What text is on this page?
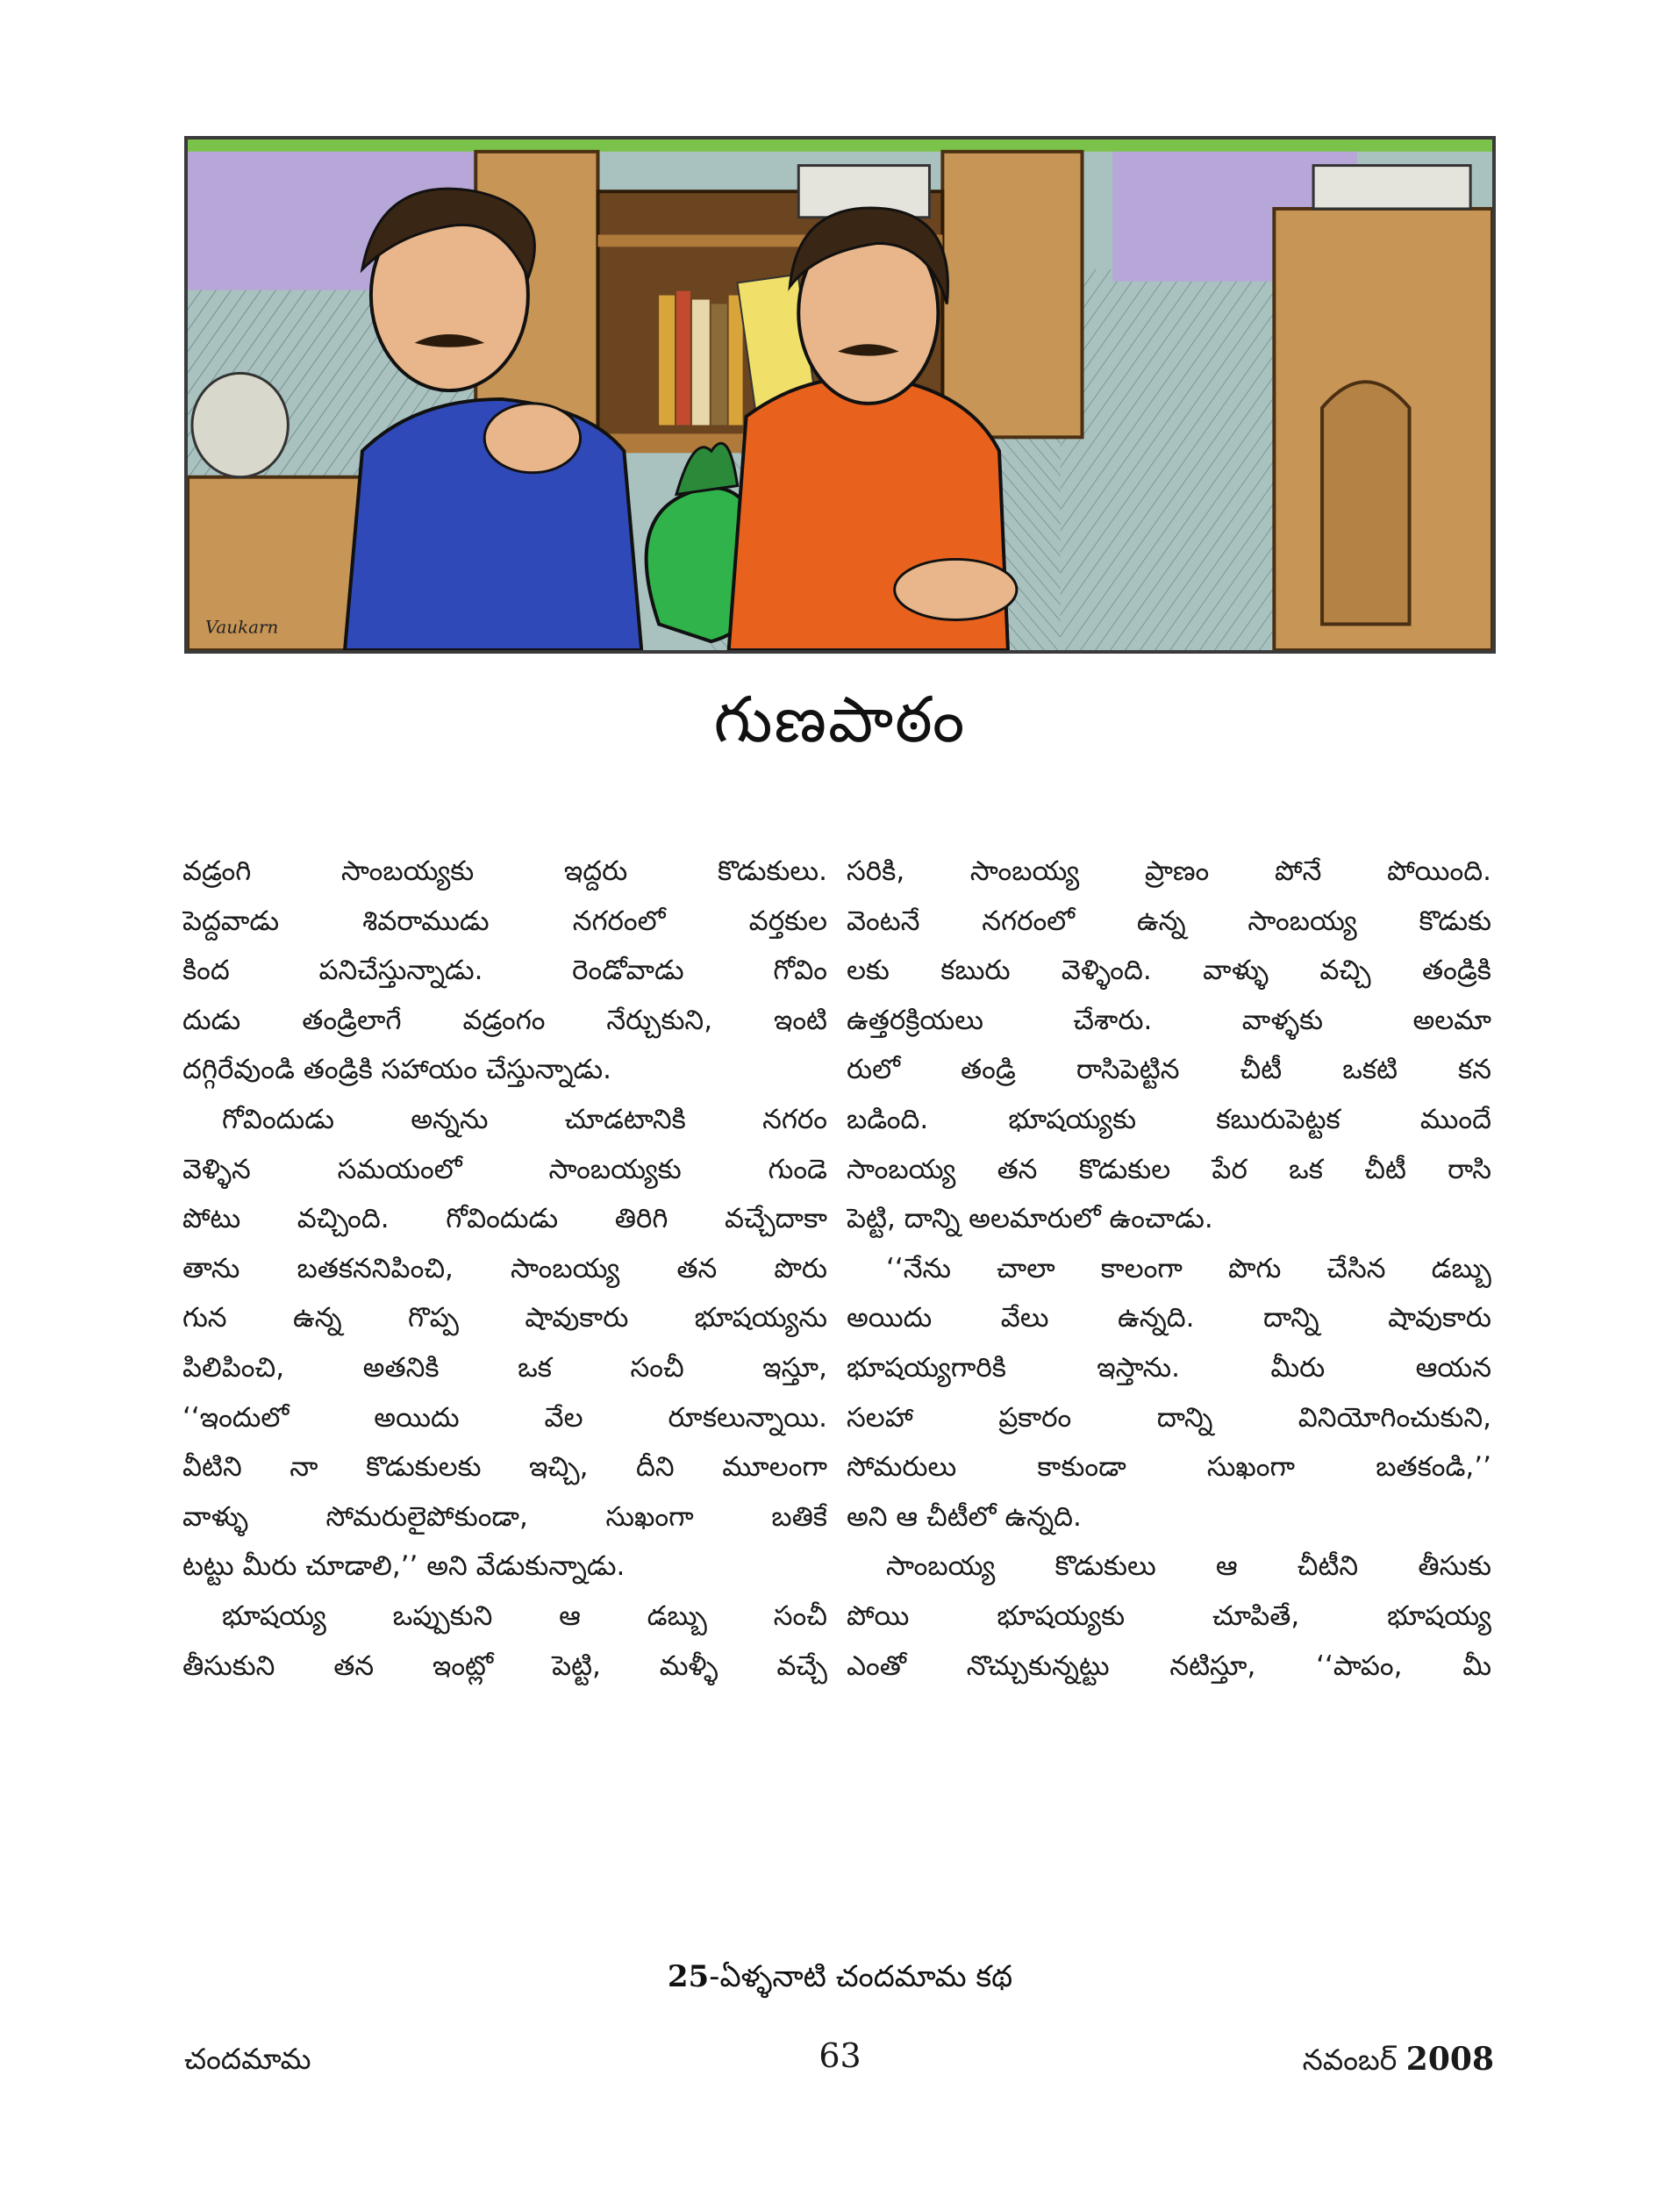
Vaukarn
గుణపాఠం
వడ్రంగి సాంబయ్యకు ఇద్దరు కొడుకులు.
పెద్దవాడు శివరాముడు నగరంలో వర్తకుల
కింద పనిచేస్తున్నాడు. రెండోవాడు గోవిం
దుడు తండ్రిలాగే వడ్రంగం నేర్చుకుని, ఇంటి
దగ్గిరేవుండి తండ్రికి సహాయం చేస్తున్నాడు.
గోవిందుడు అన్నను చూడటానికి నగరం
వెళ్ళిన సమయంలో సాంబయ్యకు గుండె
పోటు వచ్చింది. గోవిందుడు తిరిగి వచ్చేదాకా
తాను బతకననిపించి, సాంబయ్య తన పొరు
గున ఉన్న గొప్ప షావుకారు భూషయ్యను
పిలిపించి, అతనికి ఒక సంచీ ఇస్తూ,
‘‘ఇందులో అయిదు వేల రూకలున్నాయి.
వీటిని నా కొడుకులకు ఇచ్చి, దీని మూలంగా
వాళ్ళు సోమరులైపోకుండా, సుఖంగా బతికే
టట్టు మీరు చూడాలి,’’ అని వేడుకున్నాడు.
భూషయ్య ఒప్పుకుని ఆ డబ్బు సంచీ
తీసుకుని తన ఇంట్లో పెట్టి, మళ్ళీ వచ్చే
సరికి, సాంబయ్య ప్రాణం పోనే పోయింది.
వెంటనే నగరంలో ఉన్న సాంబయ్య కొడుకు
లకు కబురు వెళ్ళింది. వాళ్ళు వచ్చి తండ్రికి
ఉత్తరక్రియలు చేశారు. వాళ్ళకు అలమా
రులో తండ్రి రాసిపెట్టిన చీటీ ఒకటి కన
బడింది. భూషయ్యకు కబురుపెట్టక ముందే
సాంబయ్య తన కొడుకుల పేర ఒక చీటీ రాసి
పెట్టి, దాన్ని అలమారులో ఉంచాడు.
‘‘నేను చాలా కాలంగా పొగు చేసిన డబ్బు
అయిదు వేలు ఉన్నది. దాన్ని షావుకారు
భూషయ్యగారికి ఇస్తాను. మీరు ఆయన
సలహా ప్రకారం దాన్ని వినియోగించుకుని,
సోమరులు కాకుండా సుఖంగా బతకండి,’’
అని ఆ చీటీలో ఉన్నది.
సాంబయ్య కొడుకులు ఆ చీటీని తీసుకు
పోయి భూషయ్యకు చూపితే, భూషయ్య
ఎంతో నొచ్చుకున్నట్టు నటిస్తూ, ‘‘పాపం, మీ
25-ఏళ్ళనాటి చందమామ కథ
చందమామ	63	నవంబర్ 2008
